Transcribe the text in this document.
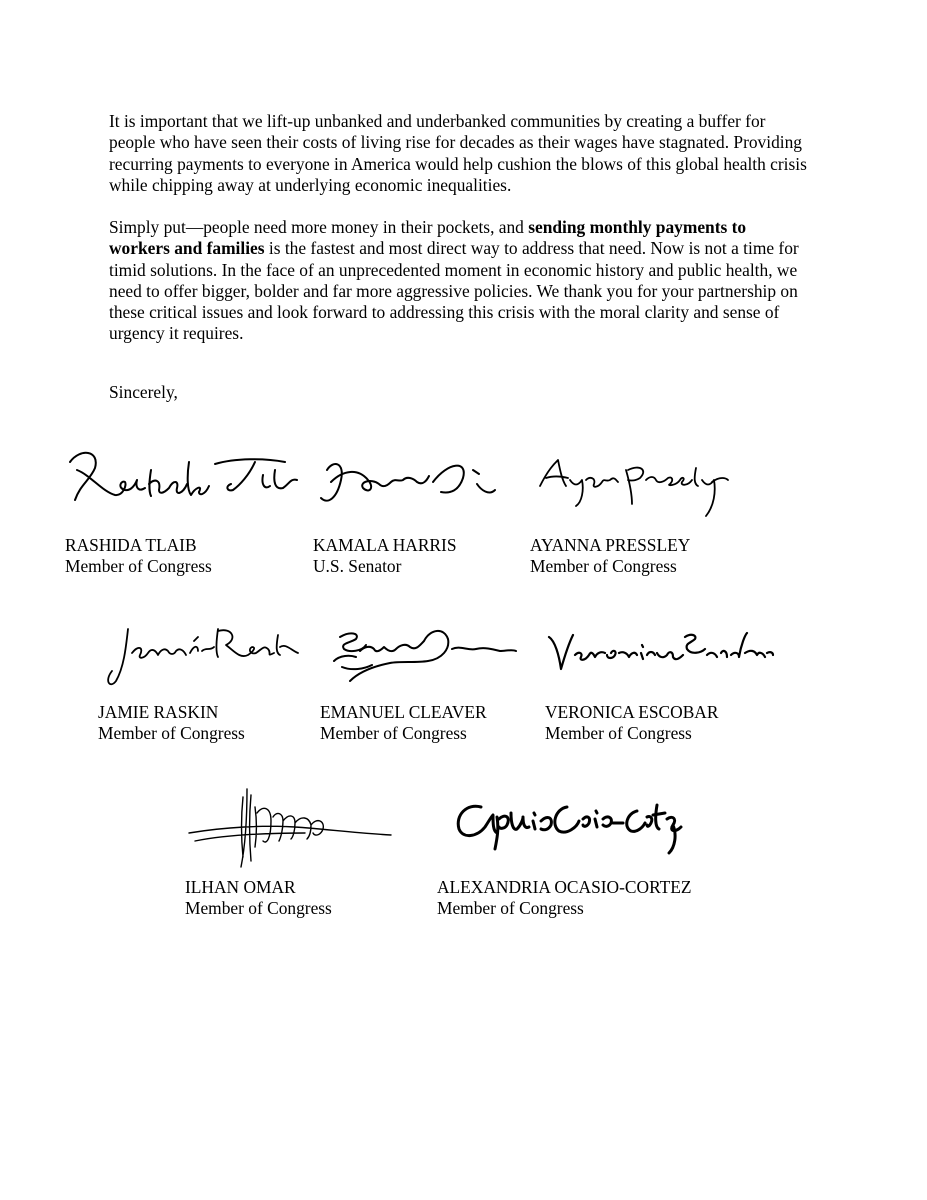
It is important that we lift-up unbanked and underbanked communities by creating a buffer for people who have seen their costs of living rise for decades as their wages have stagnated. Providing recurring payments to everyone in America would help cushion the blows of this global health crisis while chipping away at underlying economic inequalities.

Simply put—people need more money in their pockets, and sending monthly payments to workers and families is the fastest and most direct way to address that need. Now is not a time for timid solutions. In the face of an unprecedented moment in economic history and public health, we need to offer bigger, bolder and far more aggressive policies. We thank you for your partnership on these critical issues and look forward to addressing this crisis with the moral clarity and sense of urgency it requires.

Sincerely,

RASHIDA TLAIB
Member of Congress
KAMALA HARRIS
U.S. Senator
AYANNA PRESSLEY
Member of Congress
JAMIE RASKIN
Member of Congress
EMANUEL CLEAVER
Member of Congress
VERONICA ESCOBAR
Member of Congress
ILHAN OMAR
Member of Congress
ALEXANDRIA OCASIO-CORTEZ
Member of Congress
